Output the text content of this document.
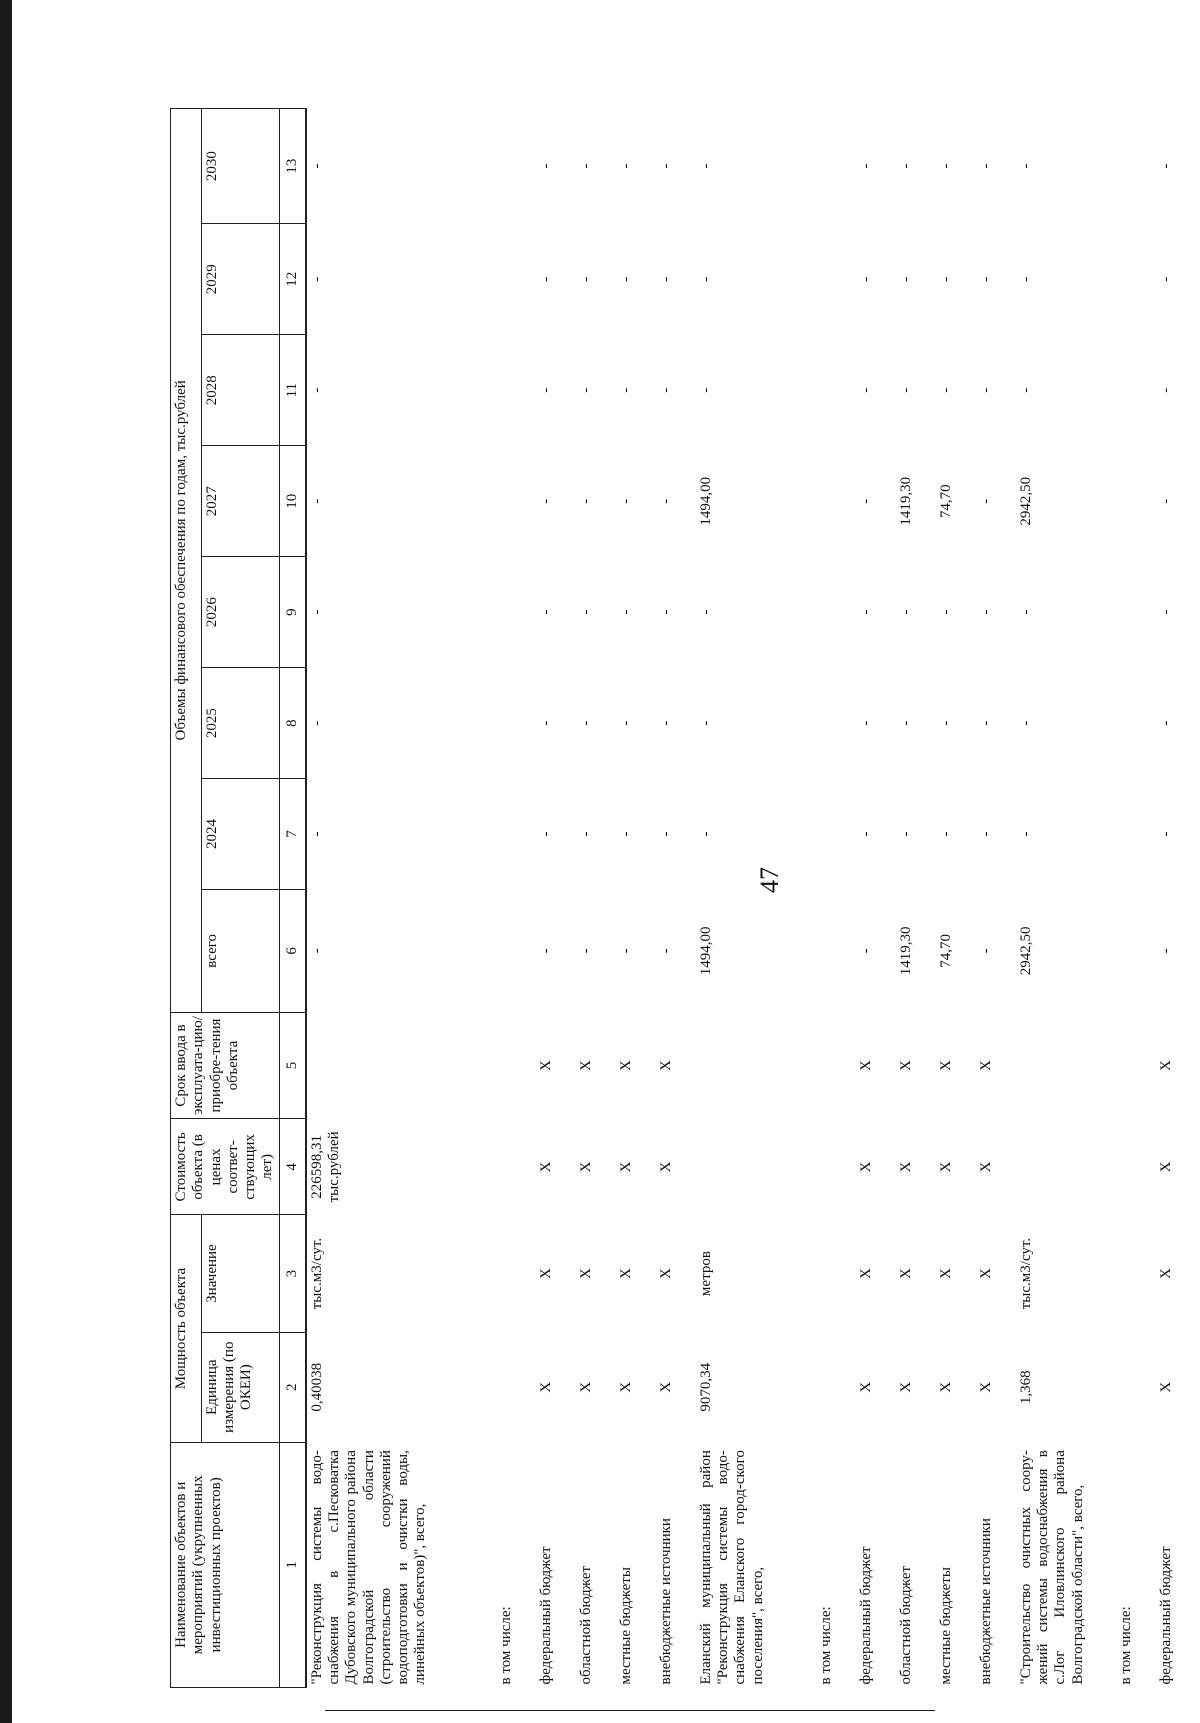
47
Наименование объектов и мероприятий (укрупненных инвестиционных проектов)	Мощность объекта		Стоимость объекта (в ценах соответ-ствующих лет)	Срок ввода в эксплуата-цию/приобре-тения объекта	Объемы финансового обеспечения по годам, тыс.рублей							
	Единица измерения (по ОКЕИ)	Значение			всего	2024	2025	2026	2027	2028	2029	2030
1	2	3	4	5	6	7	8	9	10	11	12	13
"Реконструкция системы водо-снабжения в с.Песковатка Дубовского муниципального района Волгоградской области (строительство сооружений водоподготовки и очистки воды, линейных объектов)", всего,	0,40038	тыс.м3/сут.	226598,31 тыс.рублей		-	-	-	-	-	-	-	-
в том числе:												
федеральный бюджет	X	X	X	X	-	-	-	-	-	-	-	-
областной бюджет	X	X	X	X	-	-	-	-	-	-	-	-
местные бюджеты	X	X	X	X	-	-	-	-	-	-	-	-
внебюджетные источники	X	X	X	X	-	-	-	-	-	-	-	-
Еланский муниципальный район "Реконструкция системы водо-снабжения Еланского город-ского поселения", всего,	9070,34	метров			1494,00	-	-	-	1494,00	-	-	-
в том числе:												
федеральный бюджет	X	X	X	X	-	-	-	-	-	-	-	-
областной бюджет	X	X	X	X	1419,30	-	-	-	1419,30	-	-	-
местные бюджеты	X	X	X	X	74,70	-	-	-	74,70	-	-	-
внебюджетные источники	X	X	X	X	-	-	-	-	-	-	-	-
"Строительство очистных соору-жений системы водоснабжения в с.Лог Иловлинского района Волгоградской области", всего,	1,368	тыс.м3/сут.			2942,50	-	-	-	2942,50	-	-	-
в том числе:												
федеральный бюджет	X	X	X	X	-	-	-	-	-	-	-	-
